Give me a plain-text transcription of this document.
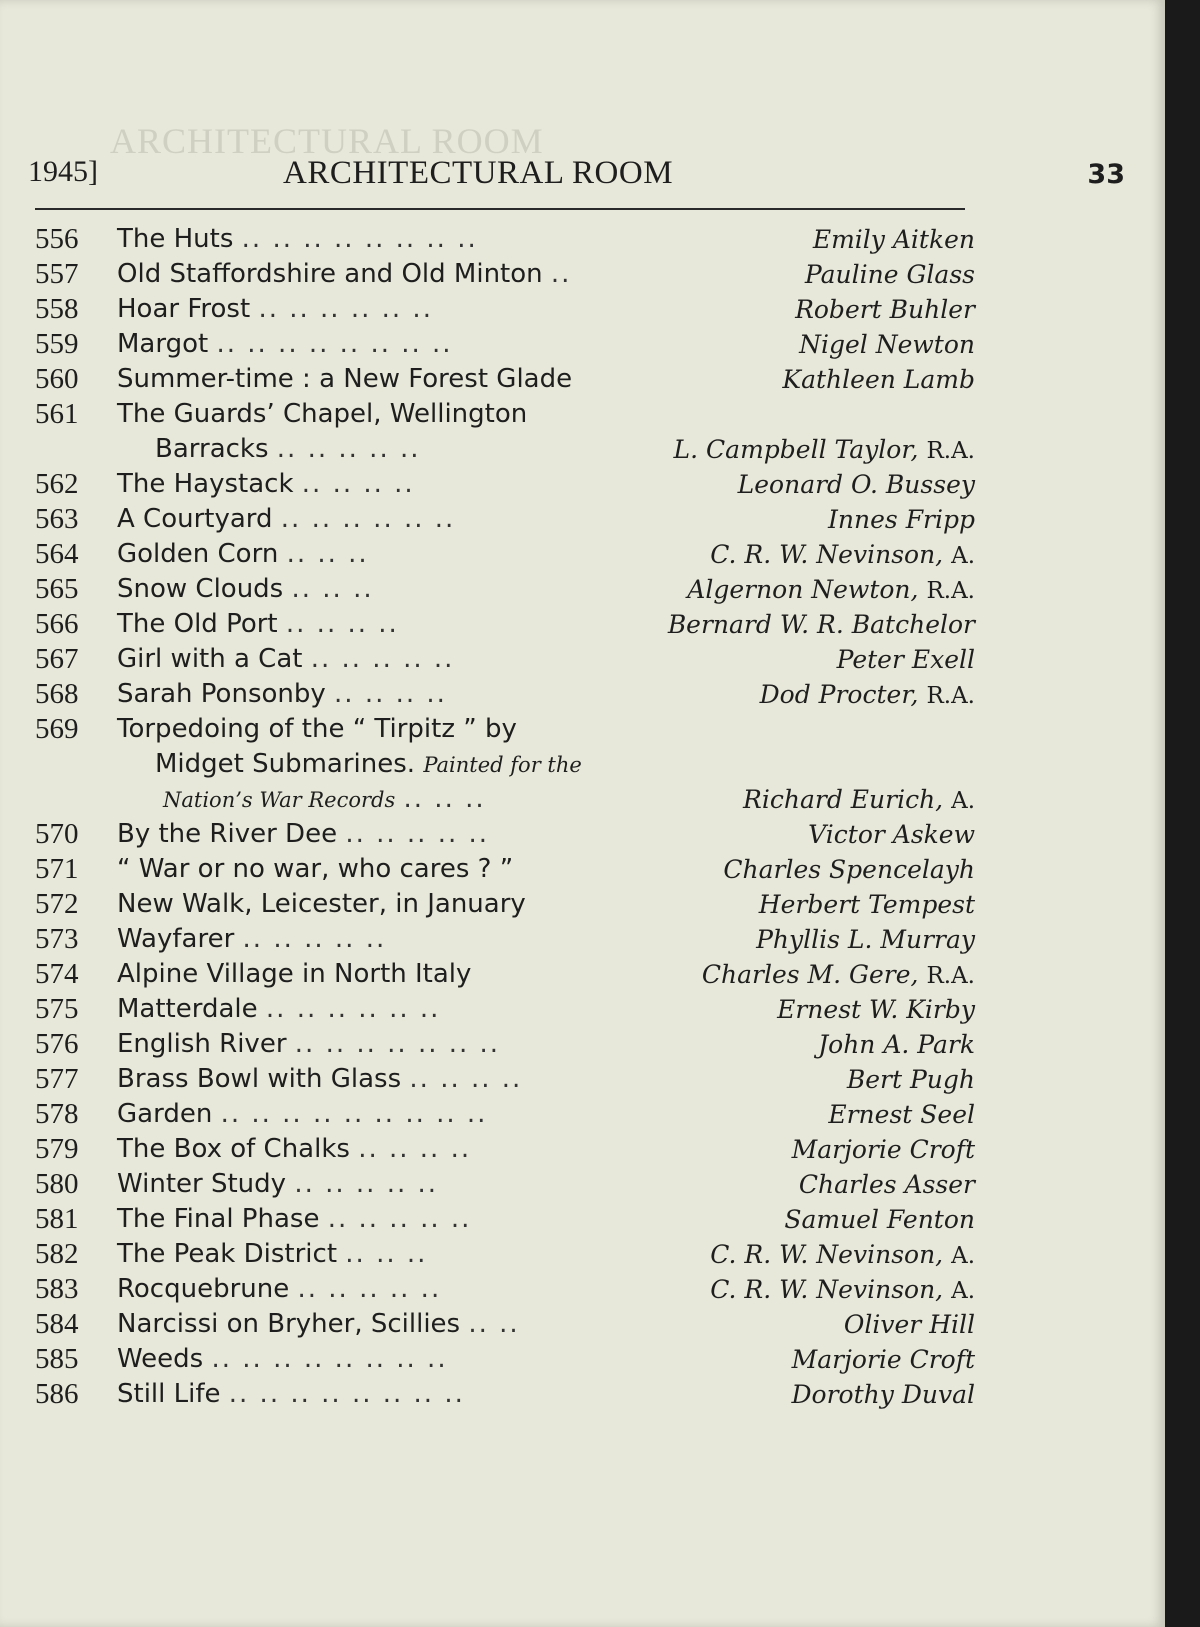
ARCHITECTURAL ROOM
1945]	ARCHITECTURAL ROOM	33
556 The Huts .. .. .. .. .. .. .. ..	Emily Aitken
557 Old Staffordshire and Old Minton ..	Pauline Glass
558 Hoar Frost .. .. .. .. .. ..	Robert Buhler
559 Margot .. .. .. .. .. .. .. ..	Nigel Newton
560 Summer-time : a New Forest Glade	Kathleen Lamb
561 The Guards’ Chapel, Wellington
Barracks .. .. .. .. ..	L. Campbell Taylor, R.A.
562 The Haystack .. .. .. ..	Leonard O. Bussey
563 A Courtyard .. .. .. .. .. ..	Innes Fripp
564 Golden Corn .. .. ..	C. R. W. Nevinson, A.
565 Snow Clouds .. .. ..	Algernon Newton, R.A.
566 The Old Port .. .. .. ..	Bernard W. R. Batchelor
567 Girl with a Cat .. .. .. .. ..	Peter Exell
568 Sarah Ponsonby .. .. .. ..	Dod Procter, R.A.
569 Torpedoing of the “ Tirpitz ” by
Midget Submarines. Painted for the
Nation’s War Records .. .. ..	Richard Eurich, A.
570 By the River Dee .. .. .. .. ..	Victor Askew
571 “ War or no war, who cares ? ”	Charles Spencelayh
572 New Walk, Leicester, in January	Herbert Tempest
573 Wayfarer .. .. .. .. ..	Phyllis L. Murray
574 Alpine Village in North Italy	Charles M. Gere, R.A.
575 Matterdale .. .. .. .. .. ..	Ernest W. Kirby
576 English River .. .. .. .. .. .. ..	John A. Park
577 Brass Bowl with Glass .. .. .. ..	Bert Pugh
578 Garden .. .. .. .. .. .. .. .. ..	Ernest Seel
579 The Box of Chalks .. .. .. ..	Marjorie Croft
580 Winter Study .. .. .. .. ..	Charles Asser
581 The Final Phase .. .. .. .. ..	Samuel Fenton
582 The Peak District .. .. ..	C. R. W. Nevinson, A.
583 Rocquebrune .. .. .. .. ..	C. R. W. Nevinson, A.
584 Narcissi on Bryher, Scillies .. ..	Oliver Hill
585 Weeds .. .. .. .. .. .. .. ..	Marjorie Croft
586 Still Life .. .. .. .. .. .. .. ..	Dorothy Duval
